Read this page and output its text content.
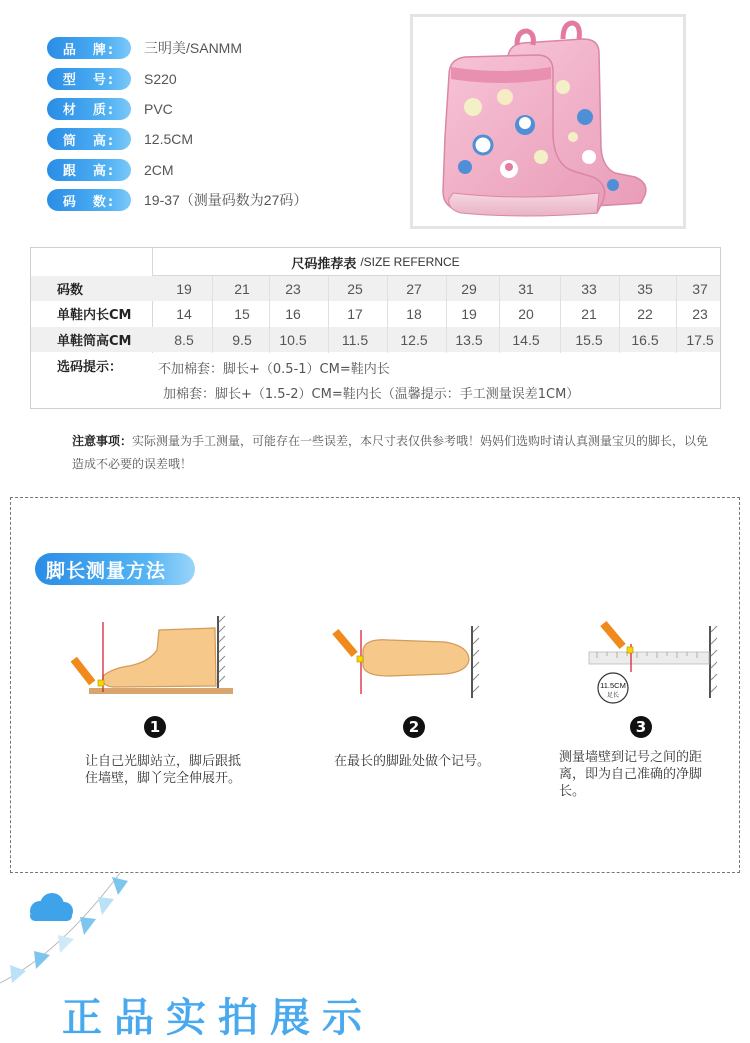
品　牌:	三明美/SANMM
型　号:	S220
材　质:	PVC
筒　高:	12.5CM
跟　高:	2CM
码　数:	19-37（测量码数为27码）
尺码推荐表 /SIZE REFERNCE
码数	19	21	23	25	27	29	31	33	35	37
单鞋内长CM	14	15	16	17	18	19	20	21	22	23
单鞋筒高CM	8.5	9.5	10.5	11.5	12.5	13.5	14.5	15.5	16.5	17.5
选码提示：	不加棉套：脚长+（0.5-1）CM=鞋内长
加棉套：脚长+（1.5-2）CM=鞋内长（温馨提示：手工测量误差1CM）
注意事项：实际测量为手工测量，可能存在一些误差，本尺寸表仅供参考哦！妈妈们选购时请认真测量宝贝的脚长，以免造成不必要的误差哦！
脚长测量方法
1
让自己光脚站立，脚后跟抵住墙壁，脚丫完全伸展开。
2
在最长的脚趾处做个记号。
11.5CM
足长
3
测量墙壁到记号之间的距离，即为自己准确的净脚长。
正品实拍展示
